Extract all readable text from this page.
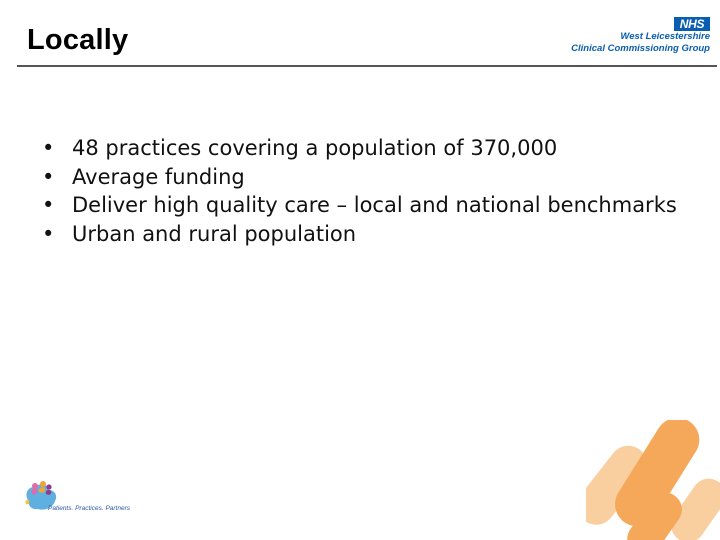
Locally	NHS
West Leicestershire
Clinical Commissioning Group
• 48 practices covering a population of 370,000
• Average funding
• Deliver high quality care – local and national benchmarks
• Urban and rural population
Patients. Practices. Partners
